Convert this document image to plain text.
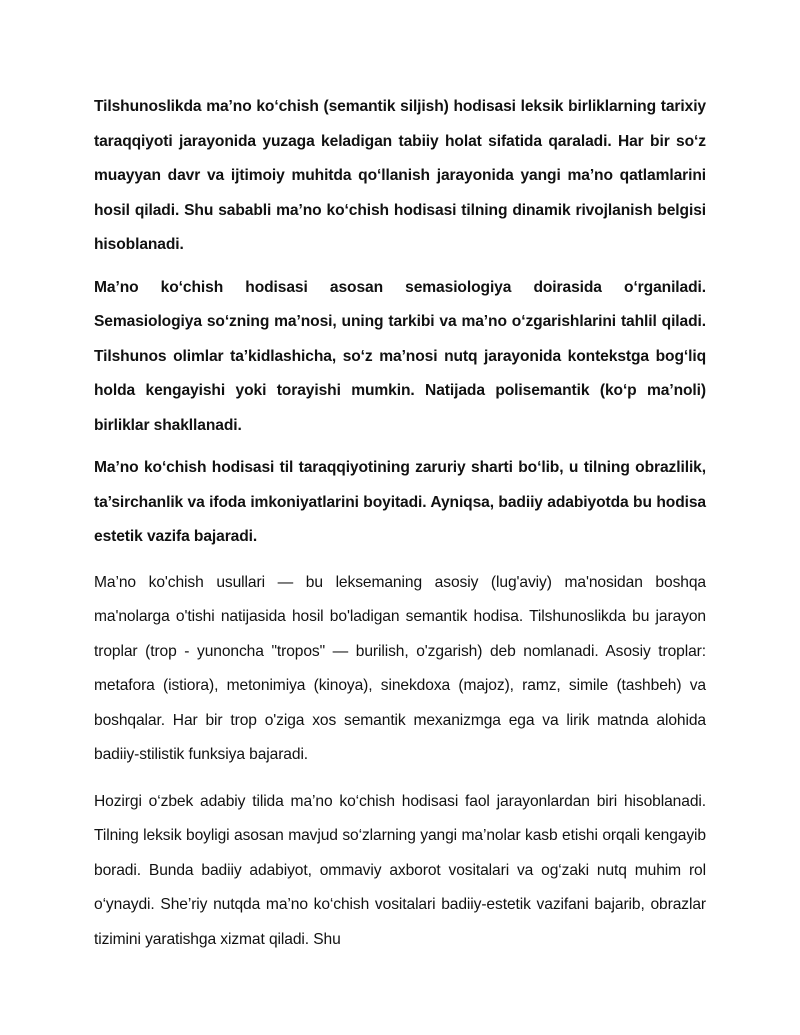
Tilshunoslikda ma’no ko‘chish (semantik siljish) hodisasi leksik birliklarning tarixiy taraqqiyoti jarayonida yuzaga keladigan tabiiy holat sifatida qaraladi. Har bir so‘z muayyan davr va ijtimoiy muhitda qo‘llanish jarayonida yangi ma’no qatlamlarini hosil qiladi. Shu sababli ma’no ko‘chish hodisasi tilning dinamik rivojlanish belgisi hisoblanadi.

Ma’no ko‘chish hodisasi asosan semasiologiya doirasida o‘rganiladi. Semasiologiya so‘zning ma’nosi, uning tarkibi va ma’no o‘zgarishlarini tahlil qiladi. Tilshunos olimlar ta’kidlashicha, so‘z ma’nosi nutq jarayonida kontekstga bog‘liq holda kengayishi yoki torayishi mumkin. Natijada polisemantik (ko‘p ma’noli) birliklar shakllanadi.

Ma’no ko‘chish hodisasi til taraqqiyotining zaruriy sharti bo‘lib, u tilning obrazlilik, ta’sirchanlik va ifoda imkoniyatlarini boyitadi. Ayniqsa, badiiy adabiyotda bu hodisa estetik vazifa bajaradi.

Ma’no ko'chish usullari — bu leksemaning asosiy (lug'aviy) ma'nosidan boshqa ma'nolarga o'tishi natijasida hosil bo'ladigan semantik hodisa. Tilshunoslikda bu jarayon troplar (trop - yunoncha "tropos" — burilish, o'zgarish) deb nomlanadi. Asosiy troplar: metafora (istiora), metonimiya (kinoya), sinekdoxa (majoz), ramz, simile (tashbeh) va boshqalar. Har bir trop o'ziga xos semantik mexanizmga ega va lirik matnda alohida badiiy-stilistik funksiya bajaradi.

Hozirgi o‘zbek adabiy tilida ma’no ko‘chish hodisasi faol jarayonlardan biri hisoblanadi. Tilning leksik boyligi asosan mavjud so‘zlarning yangi ma’nolar kasb etishi orqali kengayib boradi. Bunda badiiy adabiyot, ommaviy axborot vositalari va og‘zaki nutq muhim rol o‘ynaydi. She’riy nutqda ma’no ko‘chish vositalari badiiy-estetik vazifani bajarib, obrazlar tizimini yaratishga xizmat qiladi. Shu
